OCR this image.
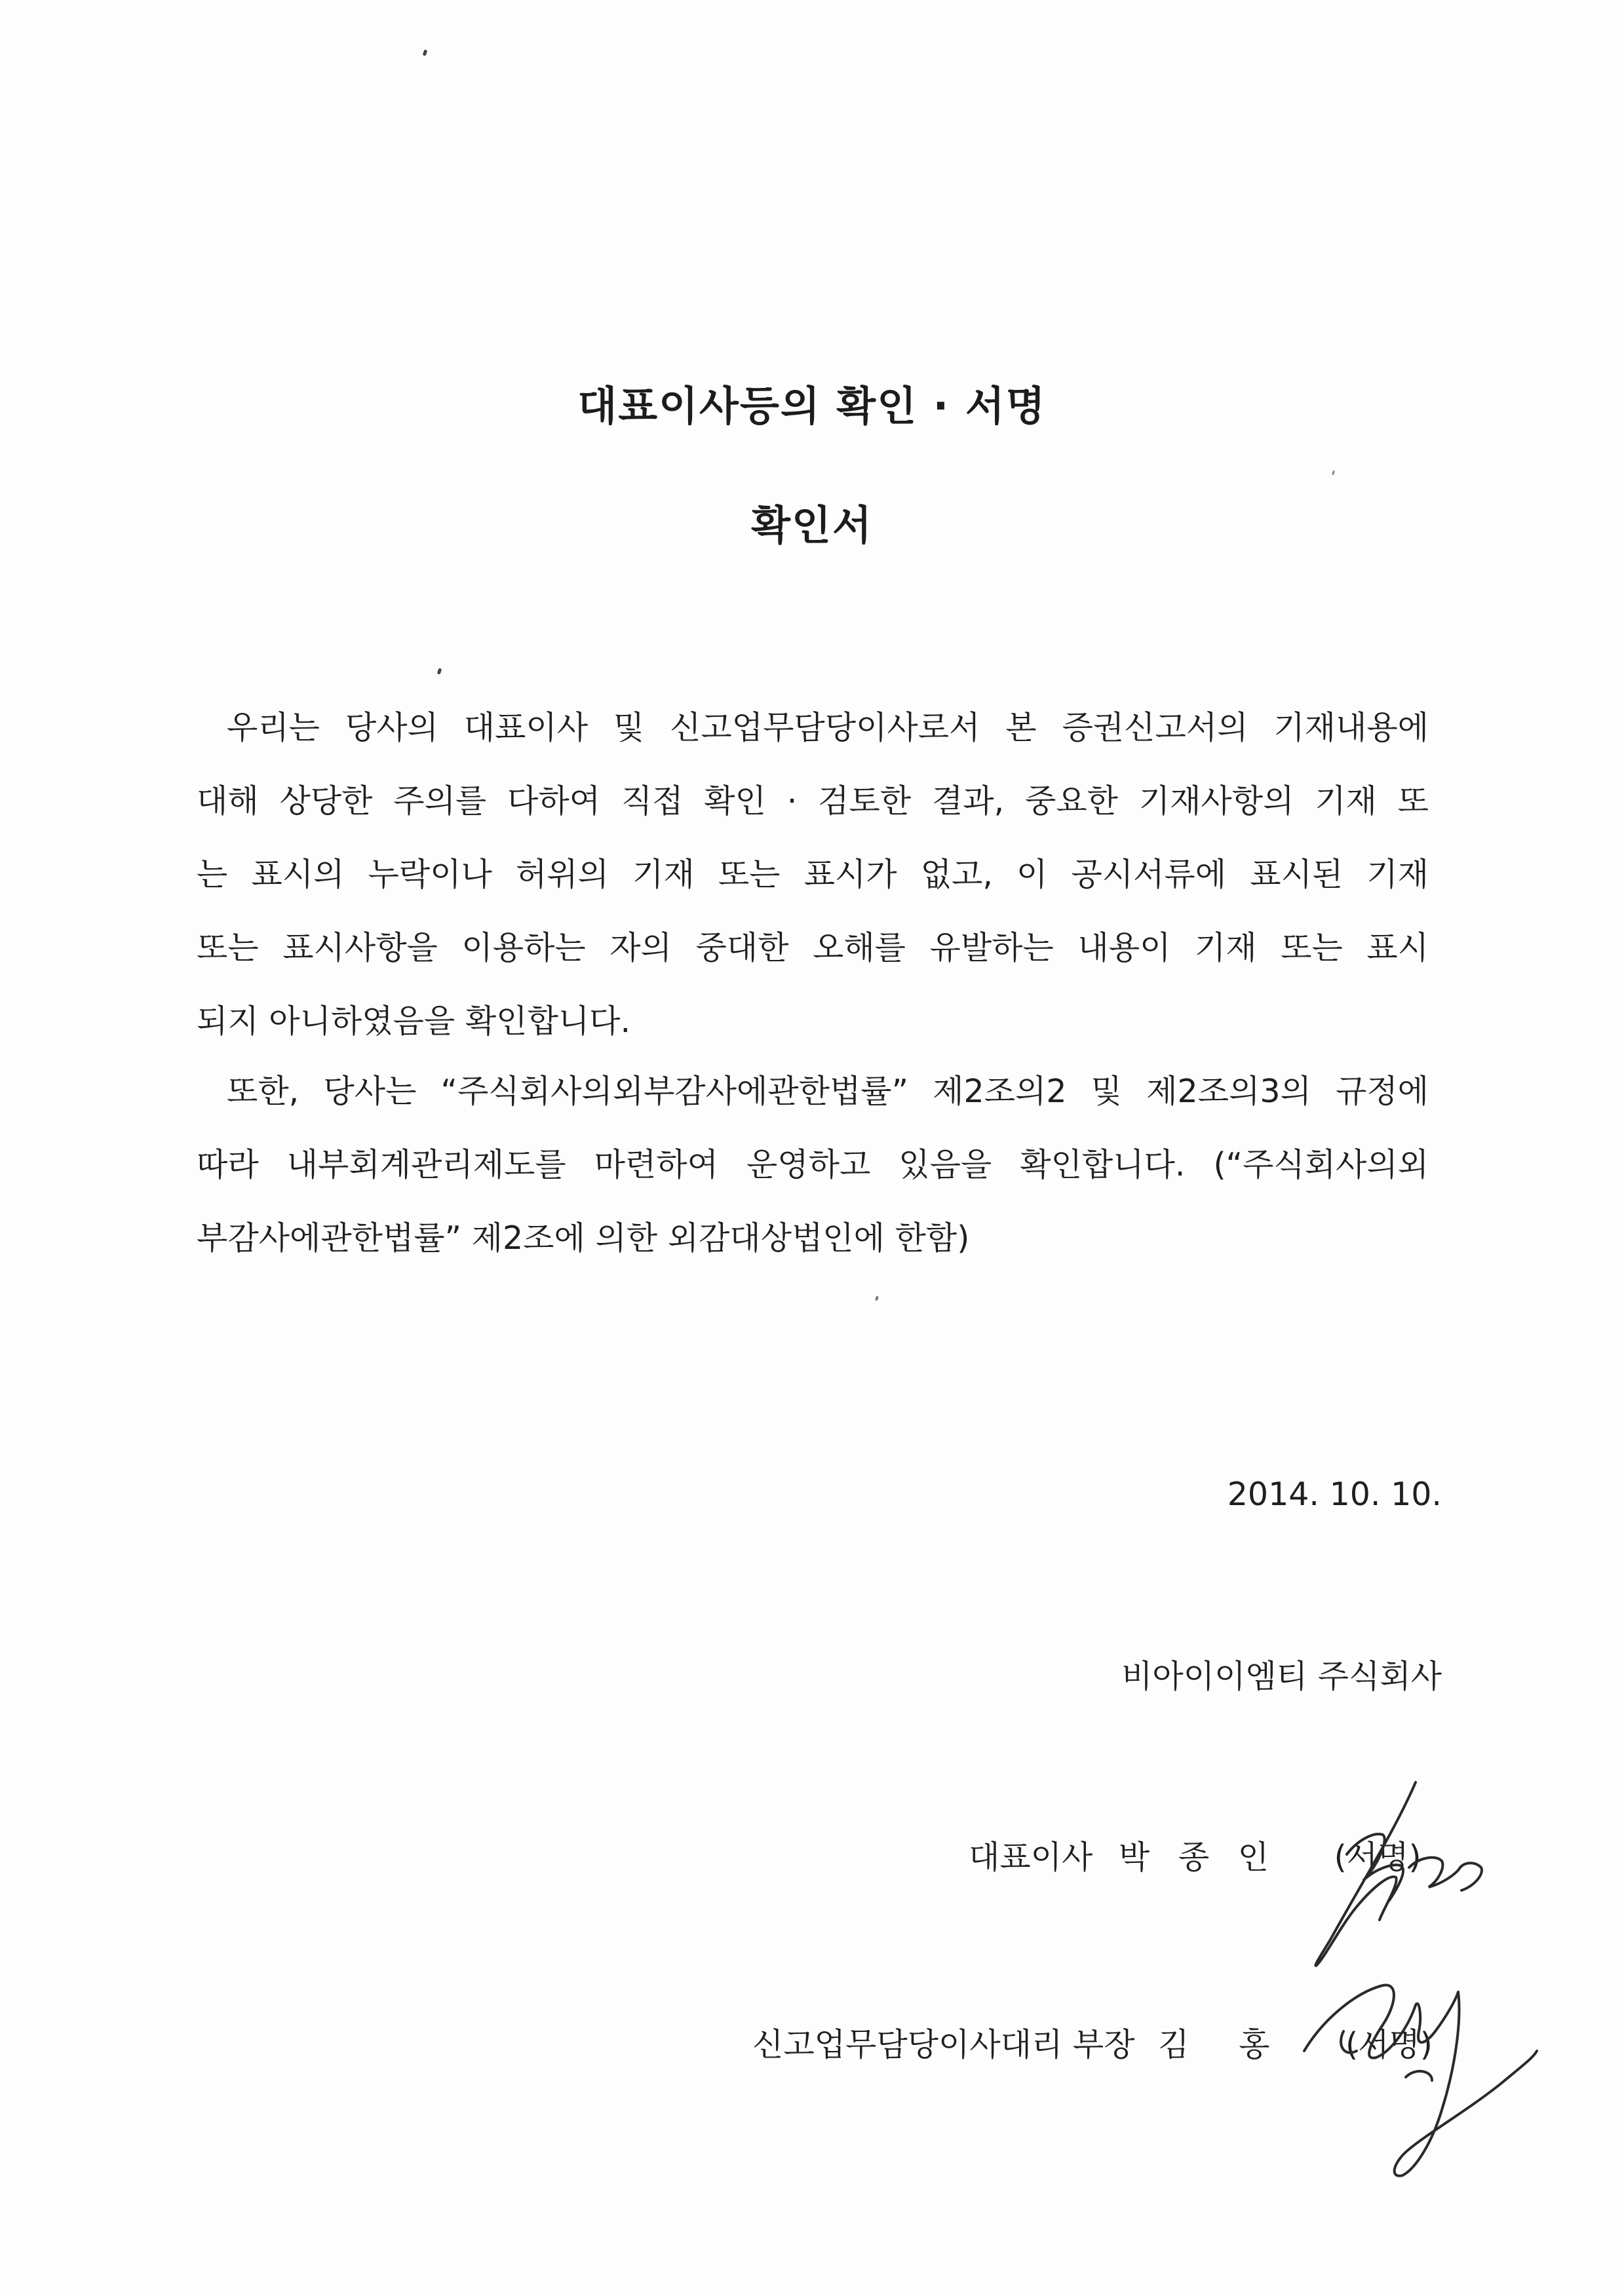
대표이사등의 확인 · 서명
확인서
우리는 당사의 대표이사 및 신고업무담당이사로서 본 증권신고서의 기재내용에
대해 상당한 주의를 다하여 직접 확인 · 검토한 결과, 중요한 기재사항의 기재 또
는 표시의 누락이나 허위의 기재 또는 표시가 없고, 이 공시서류에 표시된 기재
또는 표시사항을 이용하는 자의 중대한 오해를 유발하는 내용이 기재 또는 표시
되지 아니하였음을 확인합니다.
또한, 당사는 “주식회사의외부감사에관한법률” 제2조의2 및 제2조의3의 규정에
따라 내부회계관리제도를 마련하여 운영하고 있음을 확인합니다. (“주식회사의외
부감사에관한법률” 제2조에 의한 외감대상법인에 한함)
2014. 10. 10.
비아이이엠티 주식회사
대표이사 박 종 인 (서명)
신고업무담당이사대리 부장 김 홍 (서명)
